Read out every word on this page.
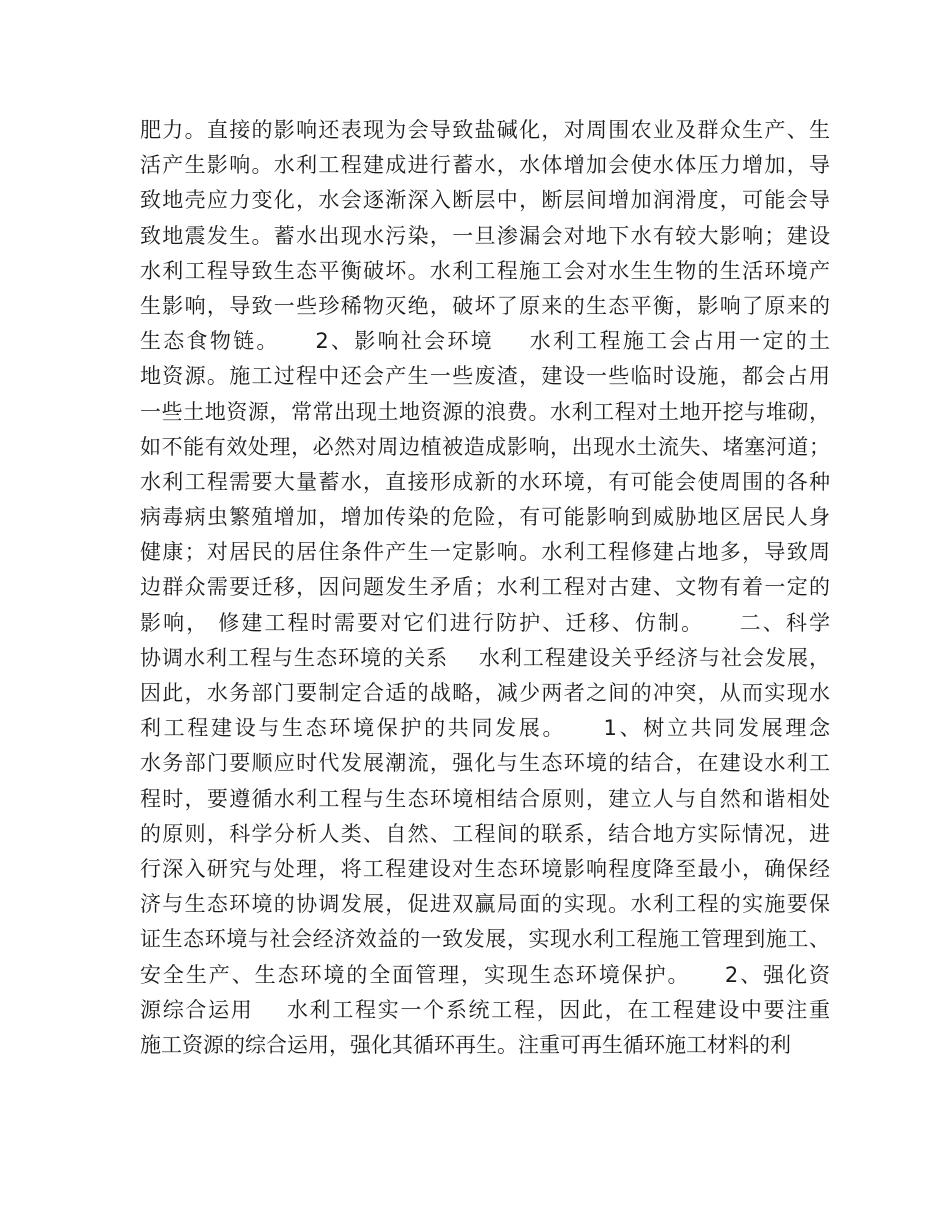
肥力。直接的影响还表现为会导致盐碱化，对周围农业及群众生产、生
活产生影响。水利工程建成进行蓄水，水体增加会使水体压力增加，导
致地壳应力变化，水会逐渐深入断层中，断层间增加润滑度，可能会导
致地震发生。蓄水出现水污染，一旦渗漏会对地下水有较大影响；建设
水利工程导致生态平衡破坏。水利工程施工会对水生生物的生活环境产
生影响，导致一些珍稀物灭绝，破坏了原来的生态平衡，影响了原来的
生态食物链。    2、影响社会环境    水利工程施工会占用一定的土
地资源。施工过程中还会产生一些废渣，建设一些临时设施，都会占用
一些土地资源，常常出现土地资源的浪费。水利工程对土地开挖与堆砌，
如不能有效处理，必然对周边植被造成影响，出现水土流失、堵塞河道；
水利工程需要大量蓄水，直接形成新的水环境，有可能会使周围的各种
病毒病虫繁殖增加，增加传染的危险，有可能影响到威胁地区居民人身
健康；对居民的居住条件产生一定影响。水利工程修建占地多，导致周
边群众需要迁移，因问题发生矛盾；水利工程对古建、文物有着一定的
影响， 修建工程时需要对它们进行防护、迁移、仿制。    二、科学
协调水利工程与生态环境的关系    水利工程建设关乎经济与社会发展，
因此，水务部门要制定合适的战略，减少两者之间的冲突，从而实现水
利工程建设与生态环境保护的共同发展。    1、树立共同发展理念
水务部门要顺应时代发展潮流，强化与生态环境的结合，在建设水利工
程时，要遵循水利工程与生态环境相结合原则，建立人与自然和谐相处
的原则，科学分析人类、自然、工程间的联系，结合地方实际情况，进
行深入研究与处理，将工程建设对生态环境影响程度降至最小，确保经
济与生态环境的协调发展，促进双赢局面的实现。水利工程的实施要保
证生态环境与社会经济效益的一致发展，实现水利工程施工管理到施工、
安全生产、生态环境的全面管理，实现生态环境保护。    2、强化资
源综合运用    水利工程实一个系统工程，因此，在工程建设中要注重
施工资源的综合运用，强化其循环再生。注重可再生循环施工材料的利
